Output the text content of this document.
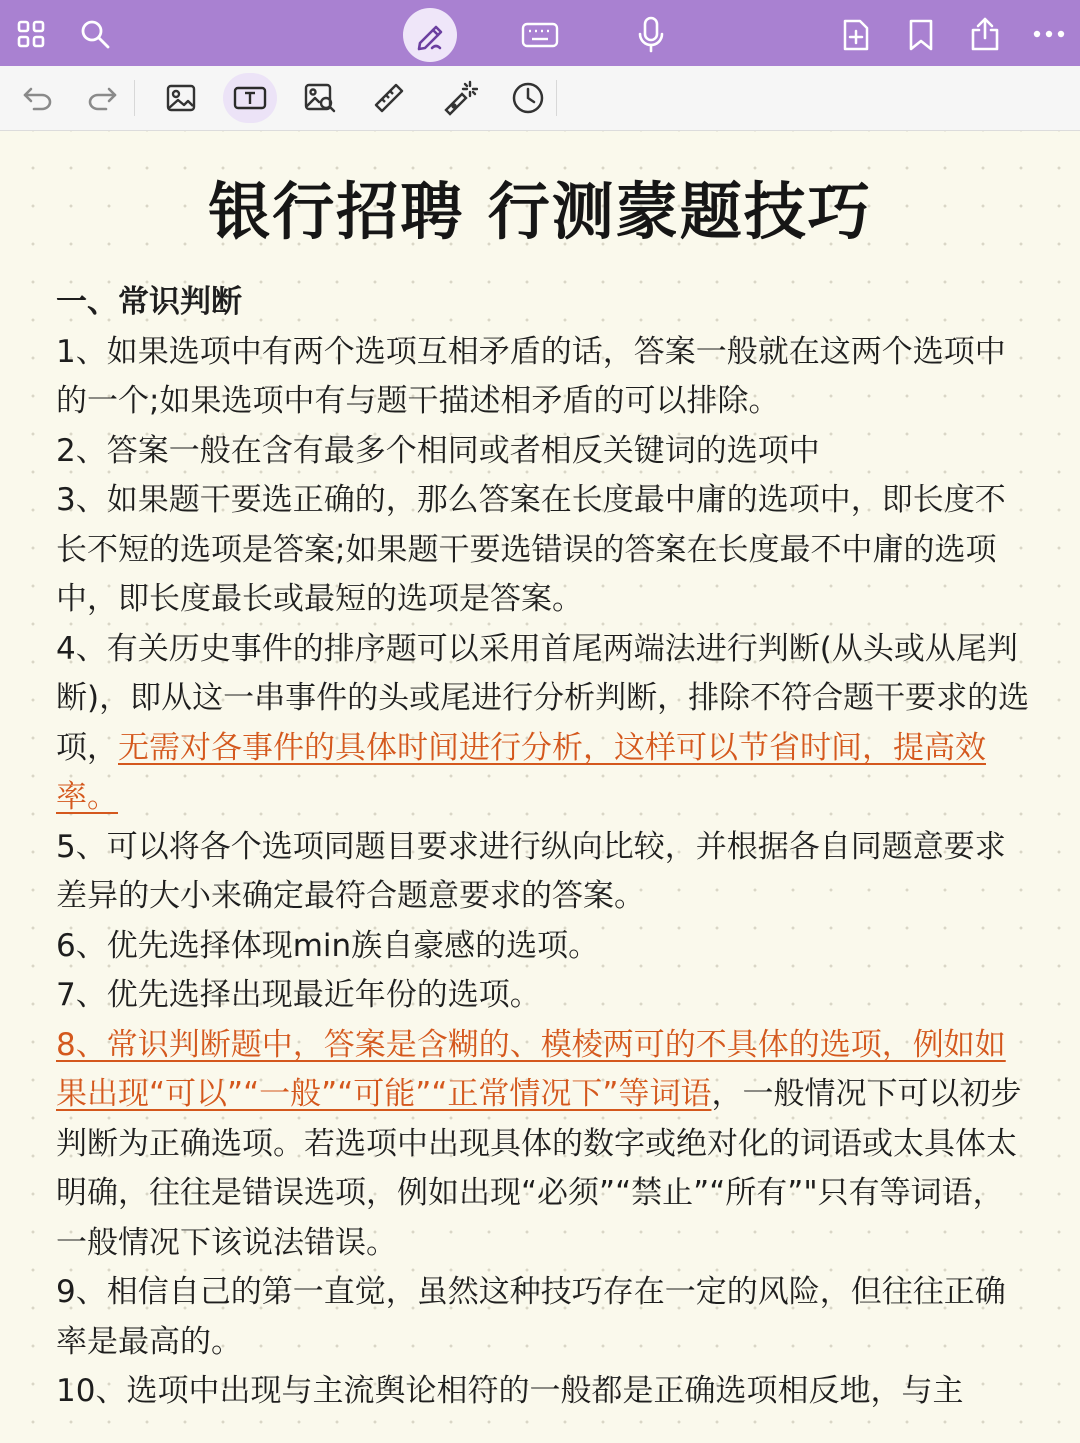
银行招聘 行测蒙题技巧

一、常识判断

1、如果选项中有两个选项互相矛盾的话，答案一般就在这两个选项中的一个;如果选项中有与题干描述相矛盾的可以排除。

2、答案一般在含有最多个相同或者相反关键词的选项中

3、如果题干要选正确的，那么答案在长度最中庸的选项中，即长度不长不短的选项是答案;如果题干要选错误的答案在长度最不中庸的选项中，即长度最长或最短的选项是答案。

4、有关历史事件的排序题可以采用首尾两端法进行判断(从头或从尾判断)，即从这一串事件的头或尾进行分析判断，排除不符合题干要求的选项，无需对各事件的具体时间进行分析，这样可以节省时间，提高效率。

5、可以将各个选项同题目要求进行纵向比较，并根据各自同题意要求差异的大小来确定最符合题意要求的答案。

6、优先选择体现min族自豪感的选项。

7、优先选择出现最近年份的选项。

8、常识判断题中，答案是含糊的、模棱两可的不具体的选项，例如如果出现“可以”“一般”“可能”“正常情况下”等词语，一般情况下可以初步判断为正确选项。若选项中出现具体的数字或绝对化的词语或太具体太明确，往往是错误选项，例如出现“必须”“禁止”“所有”"只有等词语，一般情况下该说法错误。

9、相信自己的第一直觉，虽然这种技巧存在一定的风险，但往往正确率是最高的。

10、选项中出现与主流舆论相符的一般都是正确选项相反地，与主
